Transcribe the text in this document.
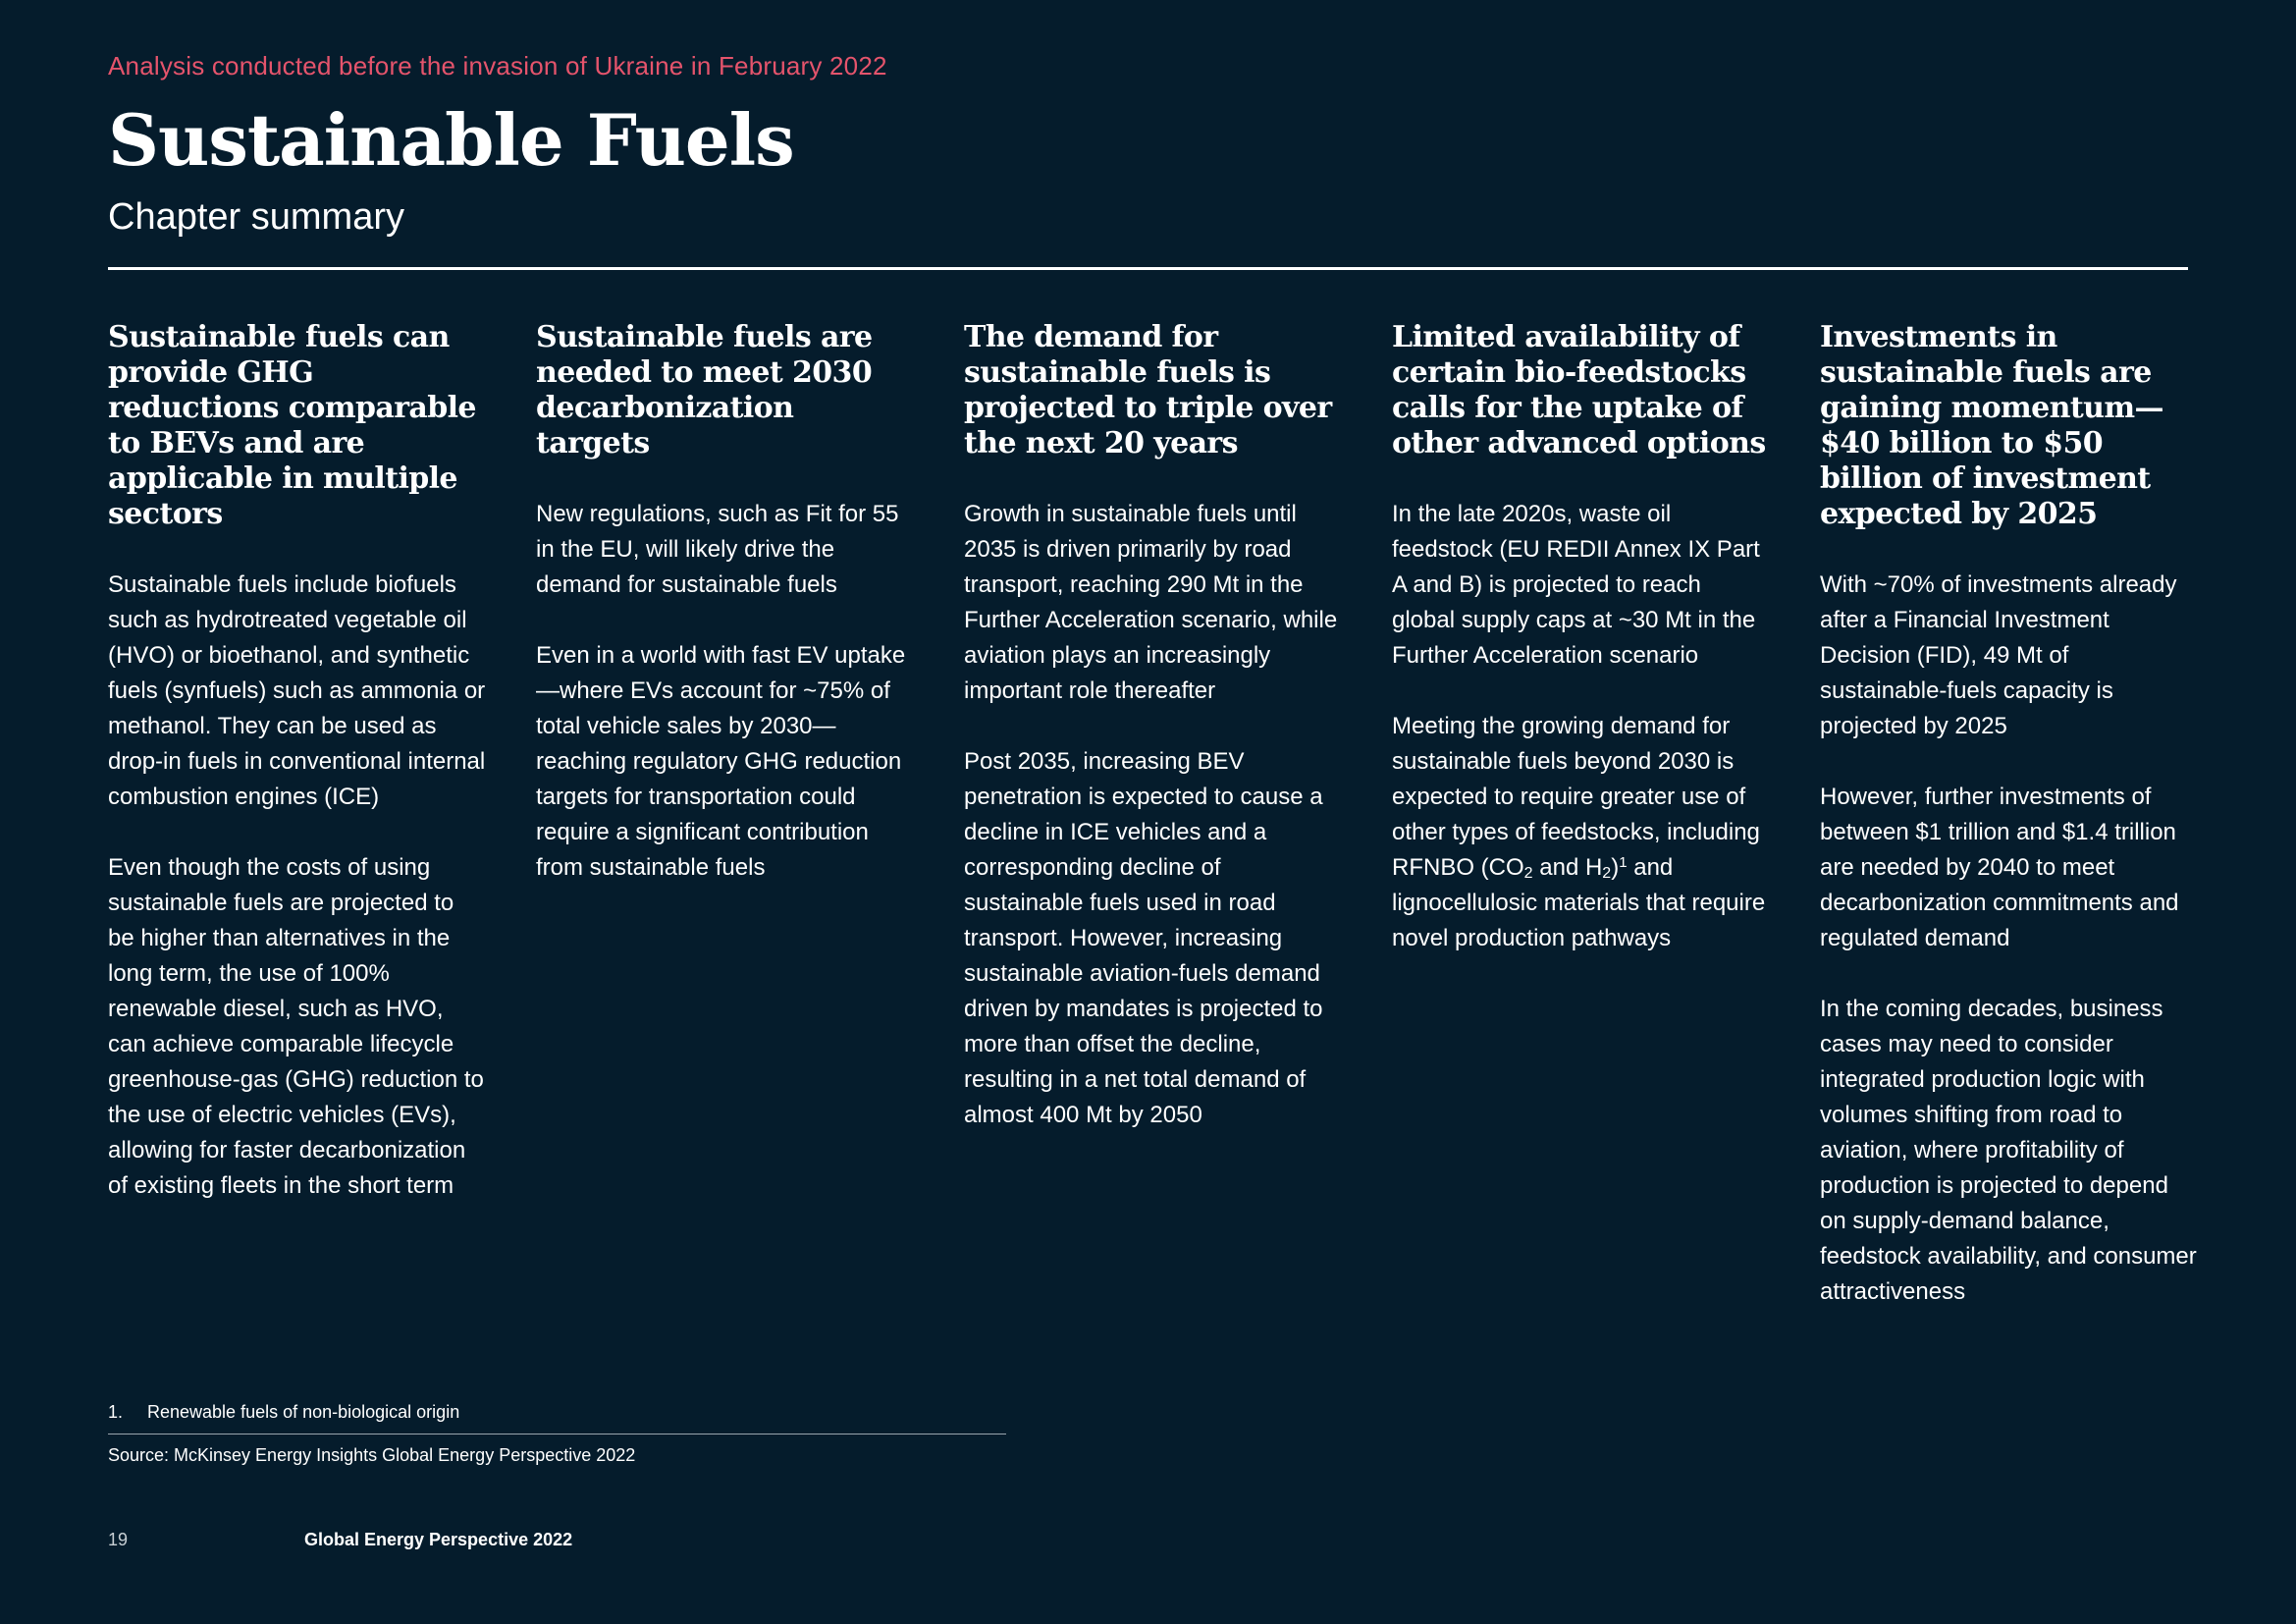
Analysis conducted before the invasion of Ukraine in February 2022
Sustainable Fuels
Chapter summary
Sustainable fuels can provide GHG reductions comparable to BEVs and are applicable in multiple sectors

Sustainable fuels include biofuels such as hydrotreated vegetable oil (HVO) or bioethanol, and synthetic fuels (synfuels) such as ammonia or methanol. They can be used as drop-in fuels in conventional internal combustion engines (ICE)

Even though the costs of using sustainable fuels are projected to be higher than alternatives in the long term, the use of 100% renewable diesel, such as HVO, can achieve comparable lifecycle greenhouse-gas (GHG) reduction to the use of electric vehicles (EVs), allowing for faster decarbonization of existing fleets in the short term

Sustainable fuels are needed to meet 2030 decarbonization targets

New regulations, such as Fit for 55 in the EU, will likely drive the demand for sustainable fuels

Even in a world with fast EV uptake—where EVs account for ~75% of total vehicle sales by 2030—reaching regulatory GHG reduction targets for transportation could require a significant contribution from sustainable fuels

The demand for sustainable fuels is projected to triple over the next 20 years

Growth in sustainable fuels until 2035 is driven primarily by road transport, reaching 290 Mt in the Further Acceleration scenario, while aviation plays an increasingly important role thereafter

Post 2035, increasing BEV penetration is expected to cause a decline in ICE vehicles and a corresponding decline of sustainable fuels used in road transport. However, increasing sustainable aviation-fuels demand driven by mandates is projected to more than offset the decline, resulting in a net total demand of almost 400 Mt by 2050

Limited availability of certain bio-feedstocks calls for the uptake of other advanced options

In the late 2020s, waste oil feedstock (EU REDII Annex IX Part A and B) is projected to reach global supply caps at ~30 Mt in the Further Acceleration scenario

Meeting the growing demand for sustainable fuels beyond 2030 is expected to require greater use of other types of feedstocks, including RFNBO ($CO_2$ and $H_2)^1$ and lignocellulosic materials that require novel production pathways

Investments in sustainable fuels are gaining momentum—$40 billion to $50 billion of investment expected by 2025

With ~70% of investments already after a Financial Investment Decision (FID), 49 Mt of sustainable-fuels capacity is projected by 2025

However, further investments of between $1 trillion and $1.4 trillion are needed by 2040 to meet decarbonization commitments and regulated demand

In the coming decades, business cases may need to consider integrated production logic with volumes shifting from road to aviation, where profitability of production is projected to depend on supply-demand balance, feedstock availability, and consumer attractiveness

1. Renewable fuels of non-biological origin
Source: McKinsey Energy Insights Global Energy Perspective 2022
19	Global Energy Perspective 2022
